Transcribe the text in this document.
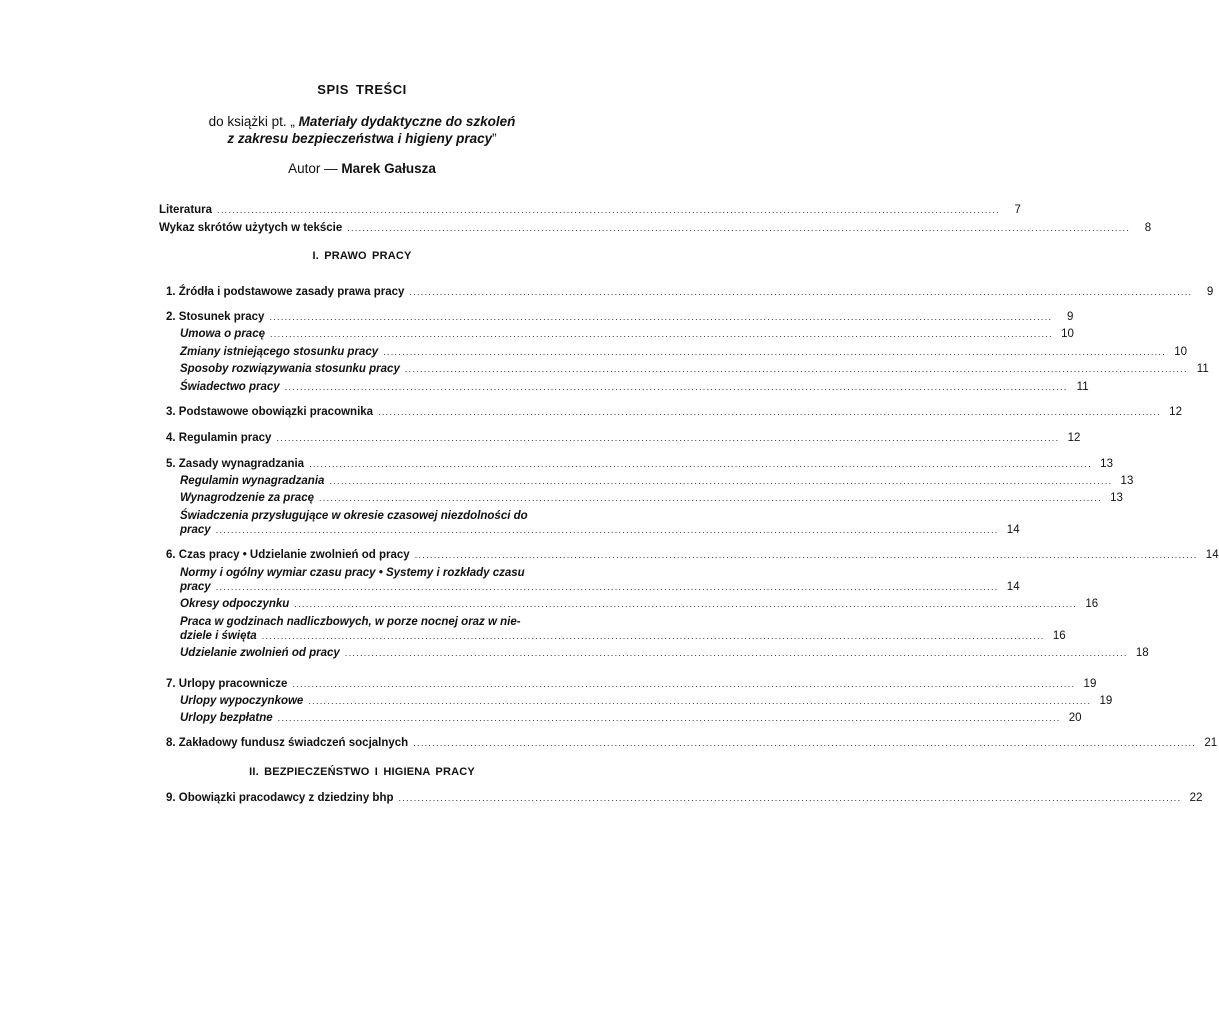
SPIS TREŚCI
do książki pt. „ Materiały dydaktyczne do szkoleń
z zakresu bezpieczeństwa i higieny pracy”
Autor — Marek Gałusza
Literatura ..............................................................................................................................................................................................................	7
Wykaz skrótów użytych w tekście ..............................................................................................................................................................................................................	8
I. PRAWO PRACY
1. Źródła i podstawowe zasady prawa pracy ..............................................................................................................................................................................................................	9
2. Stosunek pracy ..............................................................................................................................................................................................................	9
Umowa o pracę .............................................................................................................................................................................................................. 10
Zmiany istniejącego stosunku pracy .............................................................................................................................................................................................................. 10
Sposoby rozwiązywania stosunku pracy .............................................................................................................................................................................................................. 11
Świadectwo pracy .............................................................................................................................................................................................................. 11
3. Podstawowe obowiązki pracownika .............................................................................................................................................................................................................. 12
4. Regulamin pracy .............................................................................................................................................................................................................. 12
5. Zasady wynagradzania .............................................................................................................................................................................................................. 13
Regulamin wynagradzania .............................................................................................................................................................................................................. 13
Wynagrodzenie za pracę .............................................................................................................................................................................................................. 13
Świadczenia przysługujące w okresie czasowej niezdolności do
pracy .............................................................................................................................................................................................................. 14
6. Czas pracy • Udzielanie zwolnień od pracy .............................................................................................................................................................................................................. 14
Normy i ogólny wymiar czasu pracy • Systemy i rozkłady czasu
pracy .............................................................................................................................................................................................................. 14
Okresy odpoczynku .............................................................................................................................................................................................................. 16
Praca w godzinach nadliczbowych, w porze nocnej oraz w nie-
dziele i święta .............................................................................................................................................................................................................. 16
Udzielanie zwolnień od pracy .............................................................................................................................................................................................................. 18
7. Urlopy pracownicze .............................................................................................................................................................................................................. 19
Urlopy wypoczynkowe .............................................................................................................................................................................................................. 19
Urlopy bezpłatne .............................................................................................................................................................................................................. 20
8. Zakładowy fundusz świadczeń socjalnych .............................................................................................................................................................................................................. 21
II. BEZPIECZEŃSTWO I HIGIENA PRACY
9. Obowiązki pracodawcy z dziedziny bhp .............................................................................................................................................................................................................. 22
